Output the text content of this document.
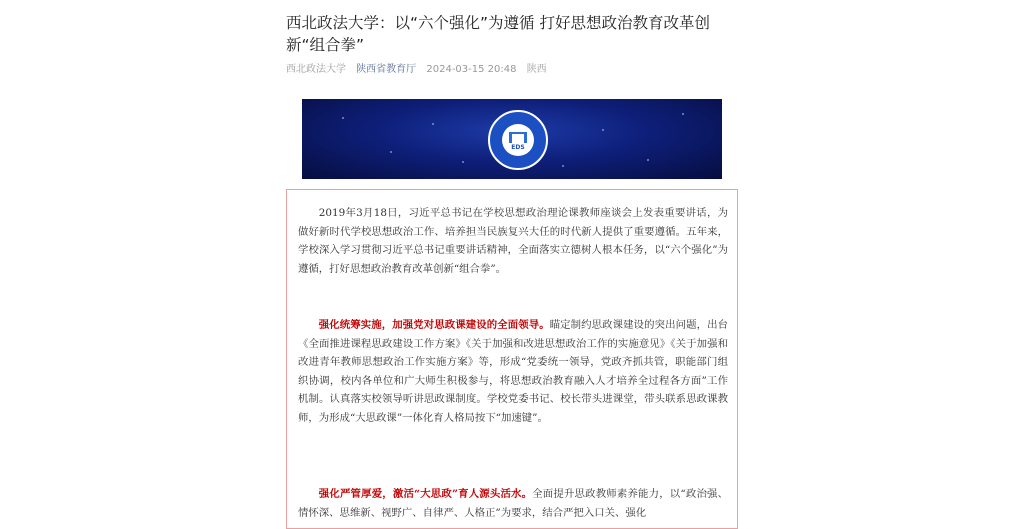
西北政法大学：以“六个强化”为遵循 打好思想政治教育改革创新“组合拳”
西北政法大学 陕西省教育厅 2024-03-15 20:48 陕西
EDS

2019年3月18日，习近平总书记在学校思想政治理论课教师座谈会上发表重要讲话，为做好新时代学校思想政治工作、培养担当民族复兴大任的时代新人提供了重要遵循。五年来，学校深入学习贯彻习近平总书记重要讲话精神，全面落实立德树人根本任务，以“六个强化”为遵循，打好思想政治教育改革创新“组合拳”。

强化统筹实施，加强党对思政课建设的全面领导。瞄定制约思政课建设的突出问题，出台《全面推进课程思政建设工作方案》《关于加强和改进思想政治工作的实施意见》《关于加强和改进青年教师思想政治工作实施方案》等，形成“党委统一领导，党政齐抓共管，职能部门组织协调，校内各单位和广大师生积极参与，将思想政治教育融入人才培养全过程各方面”工作机制。认真落实校领导听讲思政课制度。学校党委书记、校长带头进课堂，带头联系思政课教师，为形成“大思政课”一体化育人格局按下“加速键”。

强化严管厚爱，激活“大思政”育人源头活水。全面提升思政教师素养能力，以“政治强、情怀深、思维新、视野广、自律严、人格正”为要求，结合严把入口关、强化
